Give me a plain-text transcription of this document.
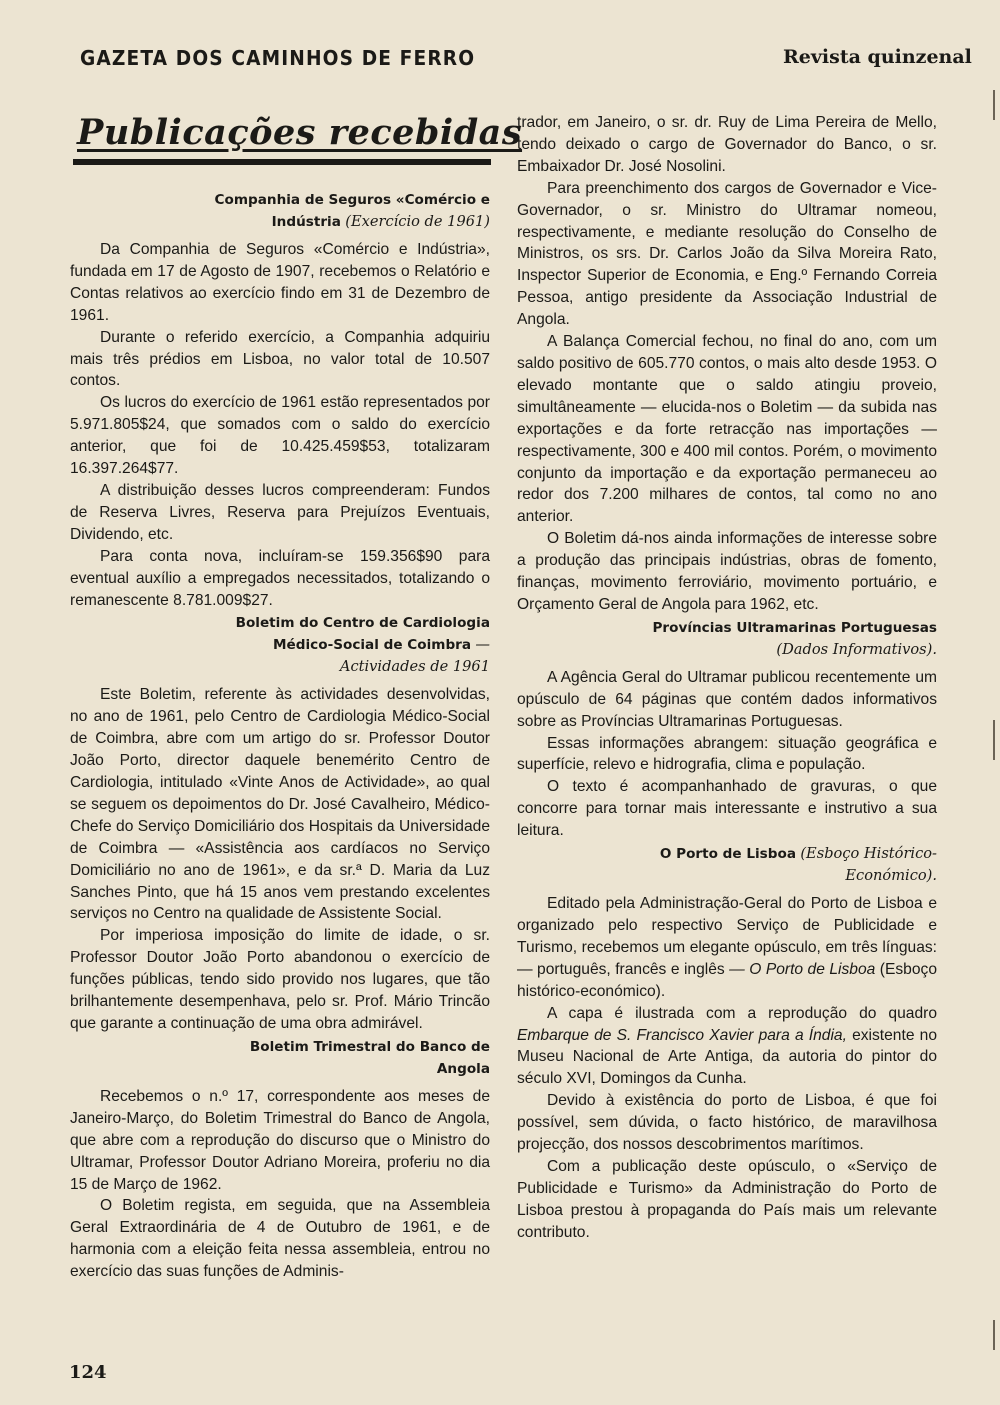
GAZETA DOS CAMINHOS DE FERRO	Revista quinzenal
Publicações recebidas
Companhia de Seguros «Comércio e Indústria (Exercício de 1961)

Da Companhia de Seguros «Comércio e Indústria», fundada em 17 de Agosto de 1907, recebemos o Relatório e Contas relativos ao exercício findo em 31 de Dezembro de 1961.

Durante o referido exercício, a Companhia adquiriu mais três prédios em Lisboa, no valor total de 10.507 contos.

Os lucros do exercício de 1961 estão representados por 5.971.805$24, que somados com o saldo do exercício anterior, que foi de 10.425.459$53, totalizaram 16.397.264$77.

A distribuição desses lucros compreenderam: Fundos de Reserva Livres, Reserva para Prejuízos Eventuais, Dividendo, etc.

Para conta nova, incluíram-se 159.356$90 para eventual auxílio a empregados necessitados, totalizando o remanescente 8.781.009$27.

Boletim do Centro de Cardiologia Médico-Social de Coimbra — Actividades de 1961

Este Boletim, referente às actividades desenvolvidas, no ano de 1961, pelo Centro de Cardiologia Médico-Social de Coimbra, abre com um artigo do sr. Professor Doutor João Porto, director daquele benemérito Centro de Cardiologia, intitulado «Vinte Anos de Actividade», ao qual se seguem os depoimentos do Dr. José Cavalheiro, Médico-Chefe do Serviço Domiciliário dos Hospitais da Universidade de Coimbra — «Assistência aos cardíacos no Serviço Domiciliário no ano de 1961», e da sr.ª D. Maria da Luz Sanches Pinto, que há 15 anos vem prestando excelentes serviços no Centro na qualidade de Assistente Social.

Por imperiosa imposição do limite de idade, o sr. Professor Doutor João Porto abandonou o exercício de funções públicas, tendo sido provido nos lugares, que tão brilhantemente desempenhava, pelo sr. Prof. Mário Trincão que garante a continuação de uma obra admirável.

Boletim Trimestral do Banco de Angola

Recebemos o n.º 17, correspondente aos meses de Janeiro-Março, do Boletim Trimestral do Banco de Angola, que abre com a reprodução do discurso que o Ministro do Ultramar, Professor Doutor Adriano Moreira, proferiu no dia 15 de Março de 1962.

O Boletim regista, em seguida, que na Assembleia Geral Extraordinária de 4 de Outubro de 1961, e de harmonia com a eleição feita nessa assembleia, entrou no exercício das suas funções de Adminis-

trador, em Janeiro, o sr. dr. Ruy de Lima Pereira de Mello, tendo deixado o cargo de Governador do Banco, o sr. Embaixador Dr. José Nosolini.

Para preenchimento dos cargos de Governador e Vice-Governador, o sr. Ministro do Ultramar nomeou, respectivamente, e mediante resolução do Conselho de Ministros, os srs. Dr. Carlos João da Silva Moreira Rato, Inspector Superior de Economia, e Eng.º Fernando Correia Pessoa, antigo presidente da Associação Industrial de Angola.

A Balança Comercial fechou, no final do ano, com um saldo positivo de 605.770 contos, o mais alto desde 1953. O elevado montante que o saldo atingiu proveio, simultâneamente — elucida-nos o Boletim — da subida nas exportações e da forte retracção nas importações — respectivamente, 300 e 400 mil contos. Porém, o movimento conjunto da importação e da exportação permaneceu ao redor dos 7.200 milhares de contos, tal como no ano anterior.

O Boletim dá-nos ainda informações de interesse sobre a produção das principais indústrias, obras de fomento, finanças, movimento ferroviário, movimento portuário, e Orçamento Geral de Angola para 1962, etc.

Províncias Ultramarinas Portuguesas (Dados Informativos).

A Agência Geral do Ultramar publicou recentemente um opúsculo de 64 páginas que contém dados informativos sobre as Províncias Ultramarinas Portuguesas.

Essas informações abrangem: situação geográfica e superfície, relevo e hidrografia, clima e população.

O texto é acompanhanhado de gravuras, o que concorre para tornar mais interessante e instrutivo a sua leitura.

O Porto de Lisboa (Esboço Histórico-Económico).

Editado pela Administração-Geral do Porto de Lisboa e organizado pelo respectivo Serviço de Publicidade e Turismo, recebemos um elegante opúsculo, em três línguas: — português, francês e inglês — O Porto de Lisboa (Esboço histórico-económico).

A capa é ilustrada com a reprodução do quadro Embarque de S. Francisco Xavier para a Índia, existente no Museu Nacional de Arte Antiga, da autoria do pintor do século XVI, Domingos da Cunha.

Devido à existência do porto de Lisboa, é que foi possível, sem dúvida, o facto histórico, de maravilhosa projecção, dos nossos descobrimentos marítimos.

Com a publicação deste opúsculo, o «Serviço de Publicidade e Turismo» da Administração do Porto de Lisboa prestou à propaganda do País mais um relevante contributo.

124
